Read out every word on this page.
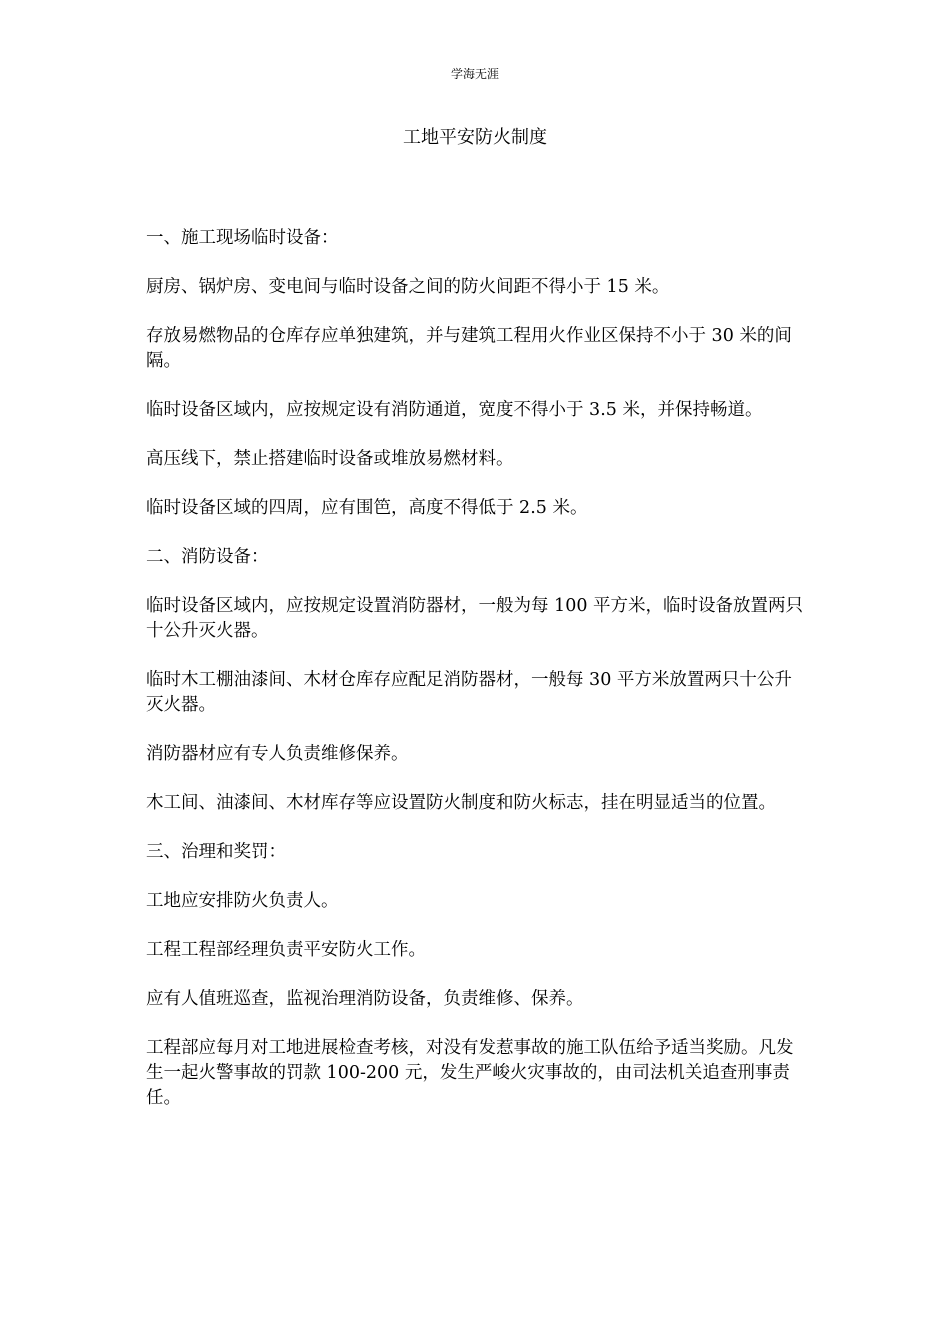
学海无涯
工地平安防火制度

一、施工现场临时设备：

厨房、锅炉房、变电间与临时设备之间的防火间距不得小于 15 米。

存放易燃物品的仓库存应单独建筑，并与建筑工程用火作业区保持不小于 30 米的间隔。

临时设备区域内，应按规定设有消防通道，宽度不得小于 3.5 米，并保持畅道。

高压线下，禁止搭建临时设备或堆放易燃材料。

临时设备区域的四周，应有围笆，高度不得低于 2.5 米。

二、消防设备：

临时设备区域内，应按规定设置消防器材，一般为每 100 平方米，临时设备放置两只十公升灭火器。

临时木工棚油漆间、木材仓库存应配足消防器材，一般每 30 平方米放置两只十公升灭火器。

消防器材应有专人负责维修保养。

木工间、油漆间、木材库存等应设置防火制度和防火标志，挂在明显适当的位置。

三、治理和奖罚：

工地应安排防火负责人。

工程工程部经理负责平安防火工作。

应有人值班巡查，监视治理消防设备，负责维修、保养。

工程部应每月对工地进展检查考核，对没有发惹事故的施工队伍给予适当奖励。凡发生一起火警事故的罚款 100-200 元，发生严峻火灾事故的，由司法机关追查刑事责任。
